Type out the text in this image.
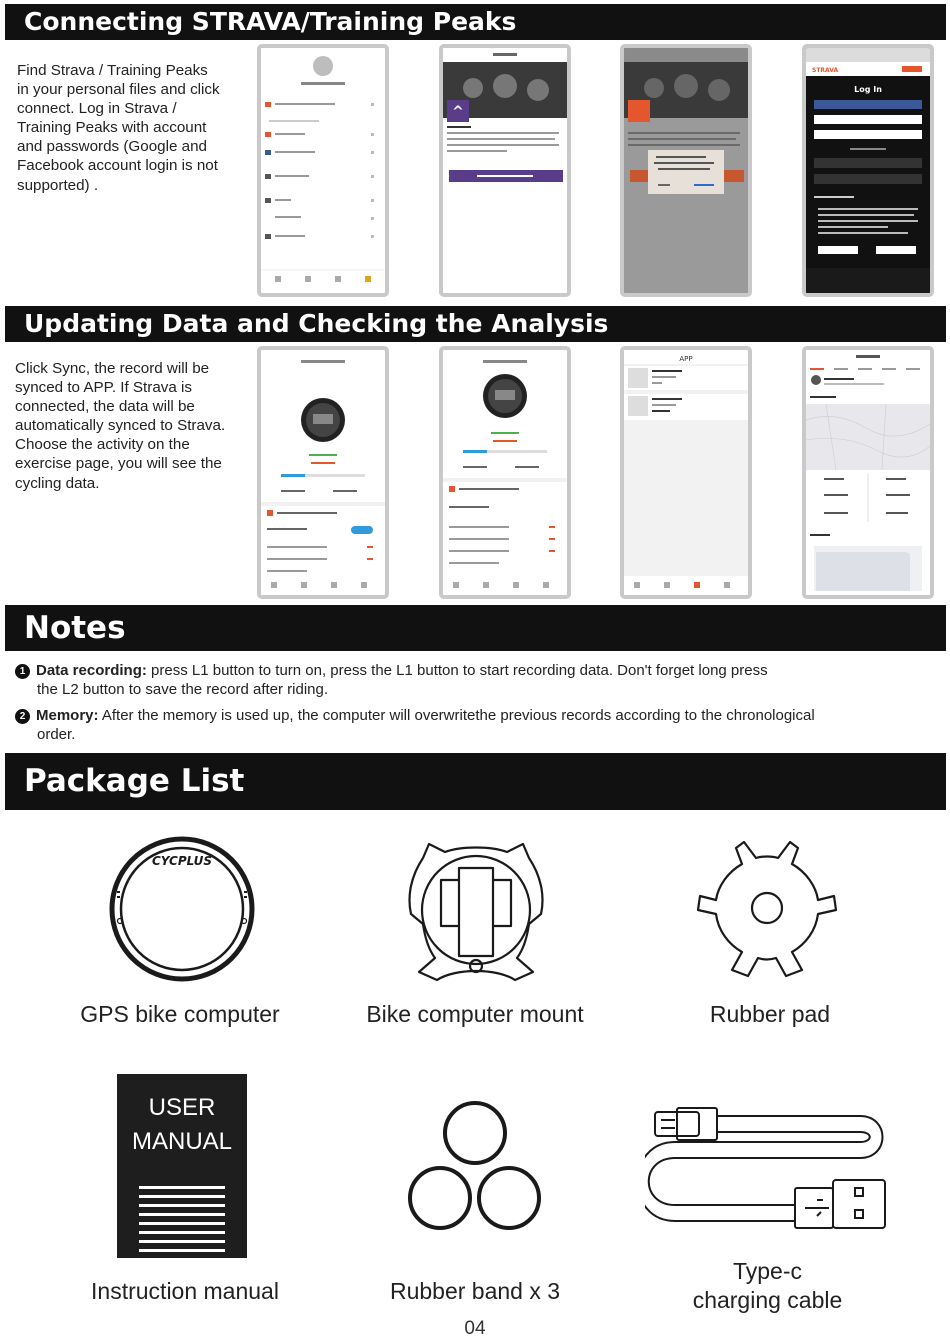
Connecting STRAVA/Training Peaks
Find Strava / Training Peaks
in your personal files and click
connect. Log in Strava /
Training Peaks with account
and passwords (Google and
Facebook account login is not
supported) .
^
STRAVA
Log In
Updating Data and Checking the Analysis
Click Sync, the record will be
synced to APP. If Strava is
connected, the data will be
automatically synced to Strava.
Choose the activity on the
exercise page, you will see the
cycling data.
APP
Notes
1 Data recording: press L1 button to turn on, press the L1 button to start recording data. Don't forget long press
the L2 button to save the record after riding.
2 Memory: After the memory is used up, the computer will overwritethe previous records according to the chronological
order.
Package List
CYCPLUS
GPS bike computer	Bike computer mount	Rubber pad
USER
MANUAL
Instruction manual	Rubber band x 3
Type-c
charging cable
04
